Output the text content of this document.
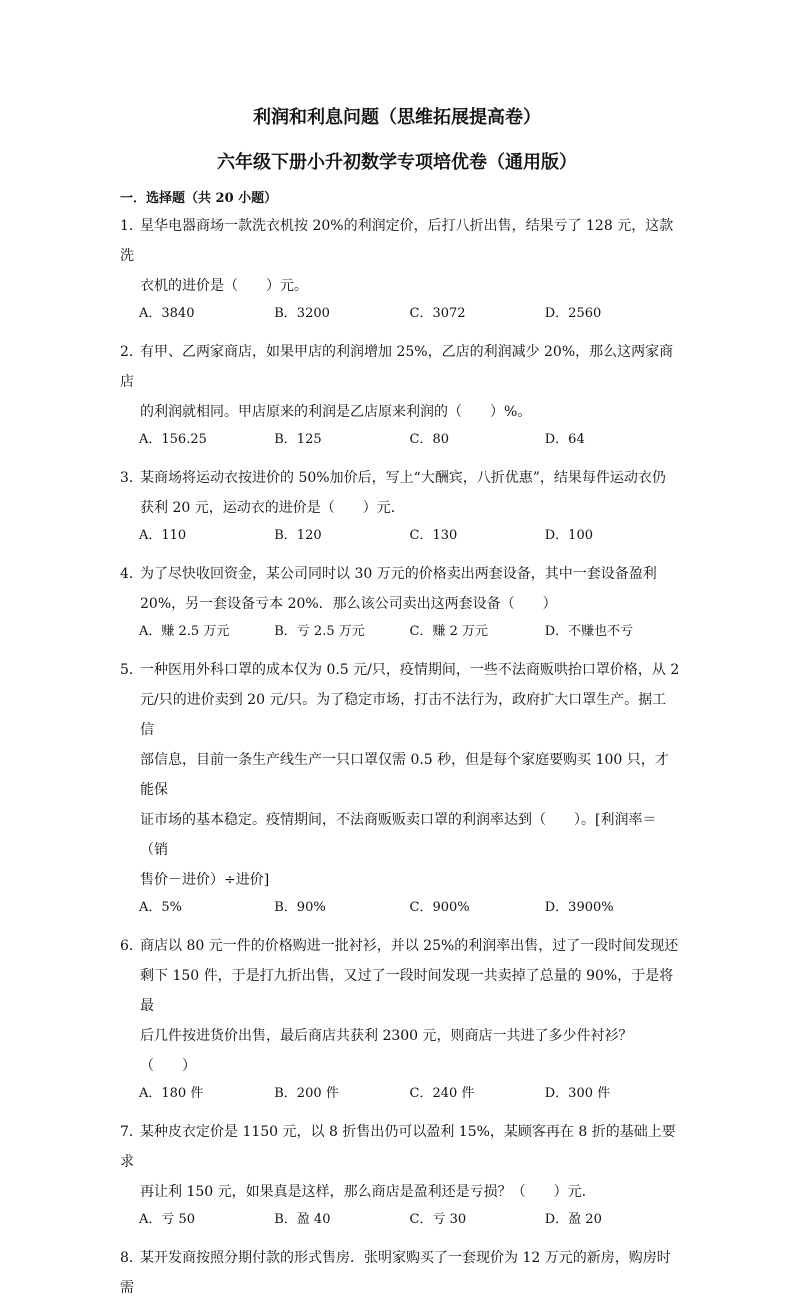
利润和利息问题（思维拓展提高卷）
六年级下册小升初数学专项培优卷（通用版）
一．选择题（共 20 小题）
1．星华电器商场一款洗衣机按 20%的利润定价，后打八折出售，结果亏了 128 元，这款洗
衣机的进价是（　　）元。
A．3840	B．3200	C．3072	D．2560
2．有甲、乙两家商店，如果甲店的利润增加 25%，乙店的利润减少 20%，那么这两家商店
的利润就相同。甲店原来的利润是乙店原来利润的（　　）%。
A．156.25	B．125	C．80	D．64
3．某商场将运动衣按进价的 50%加价后，写上“大酬宾，八折优惠”，结果每件运动衣仍
获利 20 元，运动衣的进价是（　　）元．
A．110	B．120	C．130	D．100
4．为了尽快收回资金，某公司同时以 30 万元的价格卖出两套设备，其中一套设备盈利
20%，另一套设备亏本 20%．那么该公司卖出这两套设备（　　）
A．赚 2.5 万元	B．亏 2.5 万元	C．赚 2 万元	D．不赚也不亏
5．一种医用外科口罩的成本仅为 0.5 元/只，疫情期间，一些不法商贩哄抬口罩价格，从 2
元/只的进价卖到 20 元/只。为了稳定市场，打击不法行为，政府扩大口罩生产。据工信
部信息，目前一条生产线生产一只口罩仅需 0.5 秒，但是每个家庭要购买 100 只，才能保
证市场的基本稳定。疫情期间，不法商贩贩卖口罩的利润率达到（　　）。[利润率＝（销
售价－进价）÷进价]
A．5%	B．90%	C．900%	D．3900%
6．商店以 80 元一件的价格购进一批衬衫，并以 25%的利润率出售，过了一段时间发现还
剩下 150 件，于是打九折出售，又过了一段时间发现一共卖掉了总量的 90%，于是将最
后几件按进货价出售，最后商店共获利 2300 元，则商店一共进了多少件衬衫？（　　）
A．180 件	B．200 件	C．240 件	D．300 件
7．某种皮衣定价是 1150 元，以 8 折售出仍可以盈利 15%，某顾客再在 8 折的基础上要求
再让利 150 元，如果真是这样，那么商店是盈利还是亏损？（　　）元.
A．亏 50	B．盈 40	C．亏 30	D．盈 20
8．某开发商按照分期付款的形式售房．张明家购买了一套现价为 12 万元的新房，购房时需
